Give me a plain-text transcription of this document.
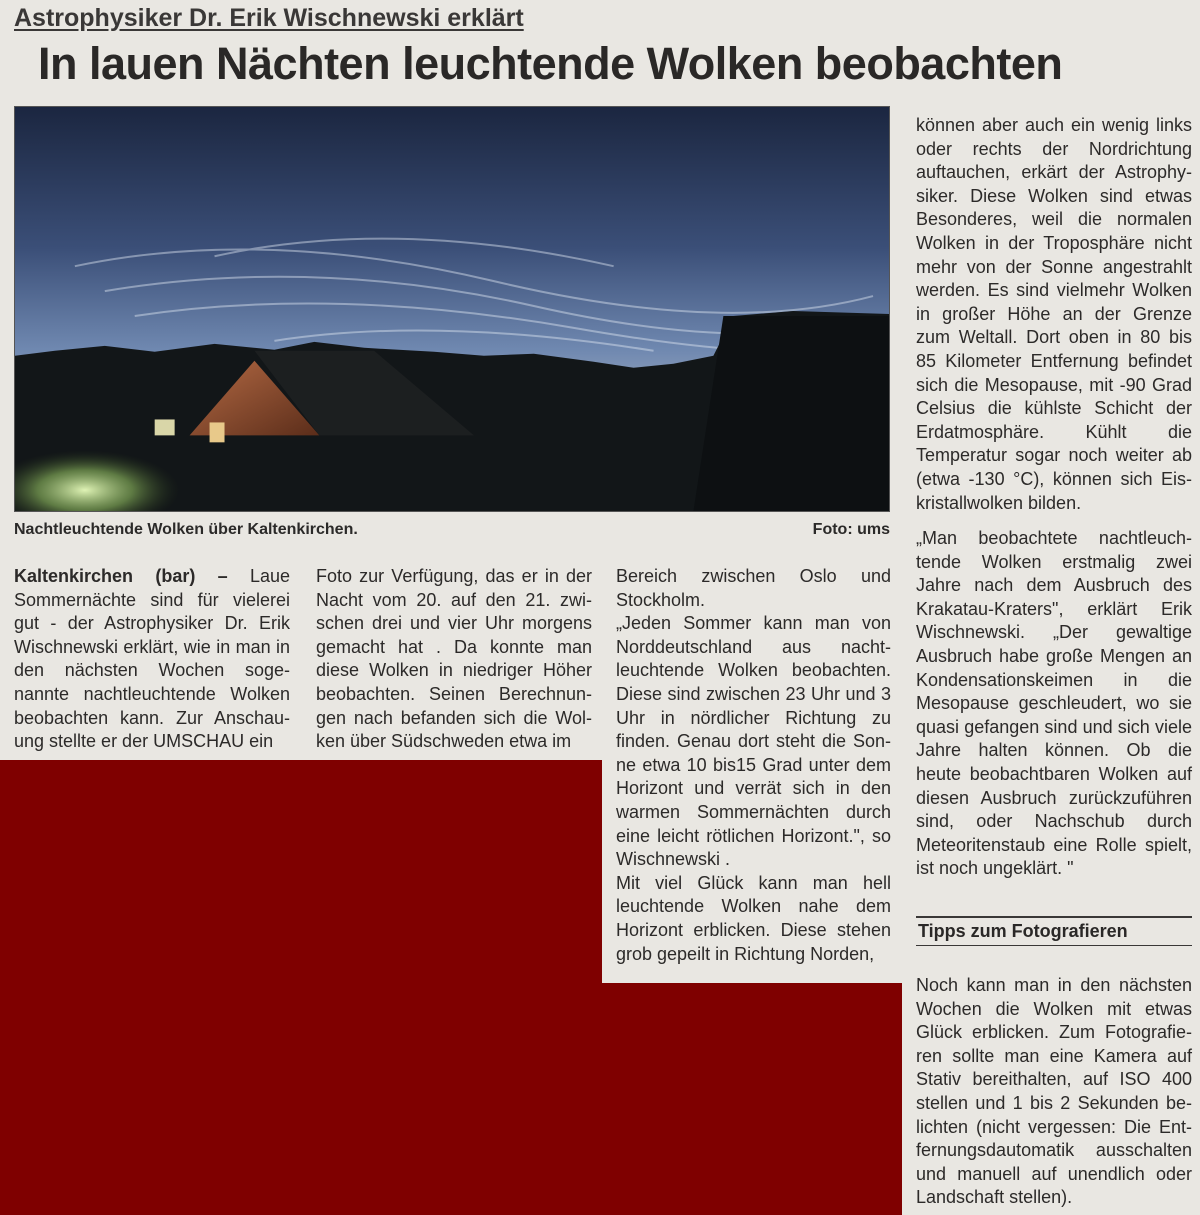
Astrophysiker Dr. Erik Wischnewski erklärt
In lauen Nächten leuchtende Wolken beobachten
Nachtleuchtende Wolken über Kaltenkirchen.	Foto: ums

Kaltenkirchen (bar) – Laue Sommernächte sind für vielerei gut - der Astrophysiker Dr. Erik Wischnewski erklärt, wie in man in den nächsten Wochen sogenannte nachtleuchtende Wolken beobachten kann. Zur Anschauung stellte er der UMSCHAU ein

Foto zur Verfügung, das er in der Nacht vom 20. auf den 21. zwischen drei und vier Uhr morgens gemacht hat . Da konnte man diese Wolken in niedriger Höher beobachten. Seinen Berechnungen nach befanden sich die Wolken über Südschweden etwa im

Bereich zwischen Oslo und Stockholm.

„Jeden Sommer kann man von Norddeutschland aus nachtleuchtende Wolken beobachten. Diese sind zwischen 23 Uhr und 3 Uhr in nördlicher Richtung zu finden. Genau dort steht die Sonne etwa 10 bis15 Grad unter dem Horizont und verrät sich in den warmen Sommernächten durch eine leicht rötlichen Horizont.", so Wischnewski .

Mit viel Glück kann man hell leuchtende Wolken nahe dem Horizont erblicken. Diese stehen grob gepeilt in Richtung Norden,

können aber auch ein wenig links oder rechts der Nordrichtung auftauchen, erkärt der Astrophysiker. Diese Wolken sind etwas Besonderes, weil die normalen Wolken in der Troposphäre nicht mehr von der Sonne angestrahlt werden. Es sind vielmehr Wolken in großer Höhe an der Grenze zum Weltall. Dort oben in 80 bis 85 Kilometer Entfernung befindet sich die Mesopause, mit -90 Grad Celsius die kühlste Schicht der Erdatmosphäre. Kühlt die Temperatur sogar noch weiter ab (etwa -130 °C), können sich Eiskristallwolken bilden.

„Man beobachtete nachtleuchtende Wolken erstmalig zwei Jahre nach dem Ausbruch des Krakatau-Kraters", erklärt Erik Wischnewski. „Der gewaltige Ausbruch habe große Mengen an Kondensationskeimen in die Mesopause geschleudert, wo sie quasi gefangen sind und sich viele Jahre halten können. Ob die heute beobachtbaren Wolken auf diesen Ausbruch zurückzuführen sind, oder Nachschub durch Meteoritenstaub eine Rolle spielt, ist noch ungeklärt. "

Tipps zum Fotografieren

Noch kann man in den nächsten Wochen die Wolken mit etwas Glück erblicken. Zum Fotografieren sollte man eine Kamera auf Stativ bereithalten, auf ISO 400 stellen und 1 bis 2 Sekunden belichten (nicht vergessen: Die Entfernungsdautomatik ausschalten und manuell auf unendlich oder Landschaft stellen).
